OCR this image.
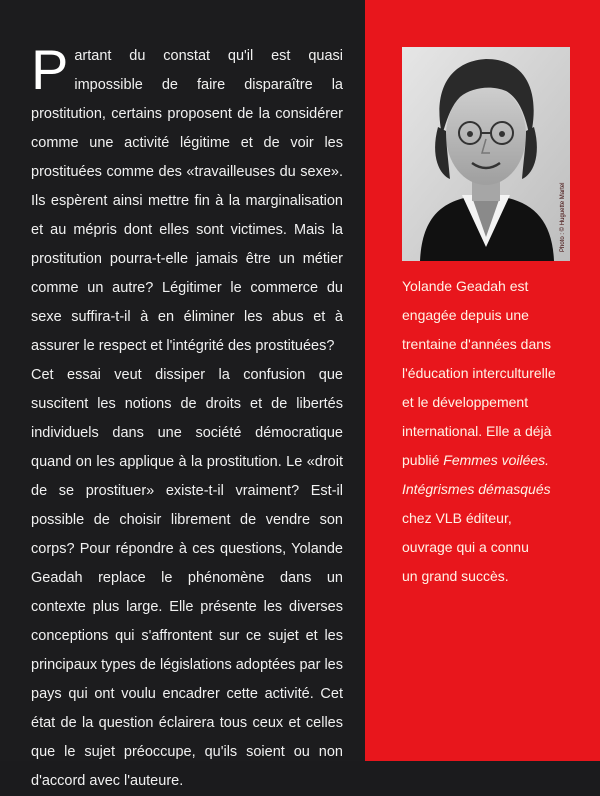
Partant du constat qu'il est quasi impossible de faire disparaître la prostitution, certains proposent de la considérer comme une activité légitime et de voir les prostituées comme des «travailleuses du sexe». Ils espèrent ainsi mettre fin à la marginalisation et au mépris dont elles sont victimes. Mais la prostitution pourra-t-elle jamais être un métier comme un autre? Légitimer le commerce du sexe suffira-t-il à en éliminer les abus et à assurer le respect et l'intégrité des prostituées?

Cet essai veut dissiper la confusion que suscitent les notions de droits et de libertés individuels dans une société démocratique quand on les applique à la prostitution. Le «droit de se prostituer» existe-t-il vraiment? Est-il possible de choisir librement de vendre son corps? Pour répondre à ces questions, Yolande Geadah replace le phénomène dans un contexte plus large. Elle présente les diverses conceptions qui s'affrontent sur ce sujet et les principaux types de législations adoptées par les pays qui ont voulu encadrer cette activité. Cet état de la question éclairera tous ceux et celles que le sujet préoccupe, qu'ils soient ou non d'accord avec l'auteure.

Photo : © Huguette Martel
Yolande Geadah est
engagée depuis une
trentaine d'années dans
l'éducation interculturelle
et le développement
international. Elle a déjà
publié Femmes voilées.
Intégrismes démasqués
chez VLB éditeur,
ouvrage qui a connu
un grand succès.
